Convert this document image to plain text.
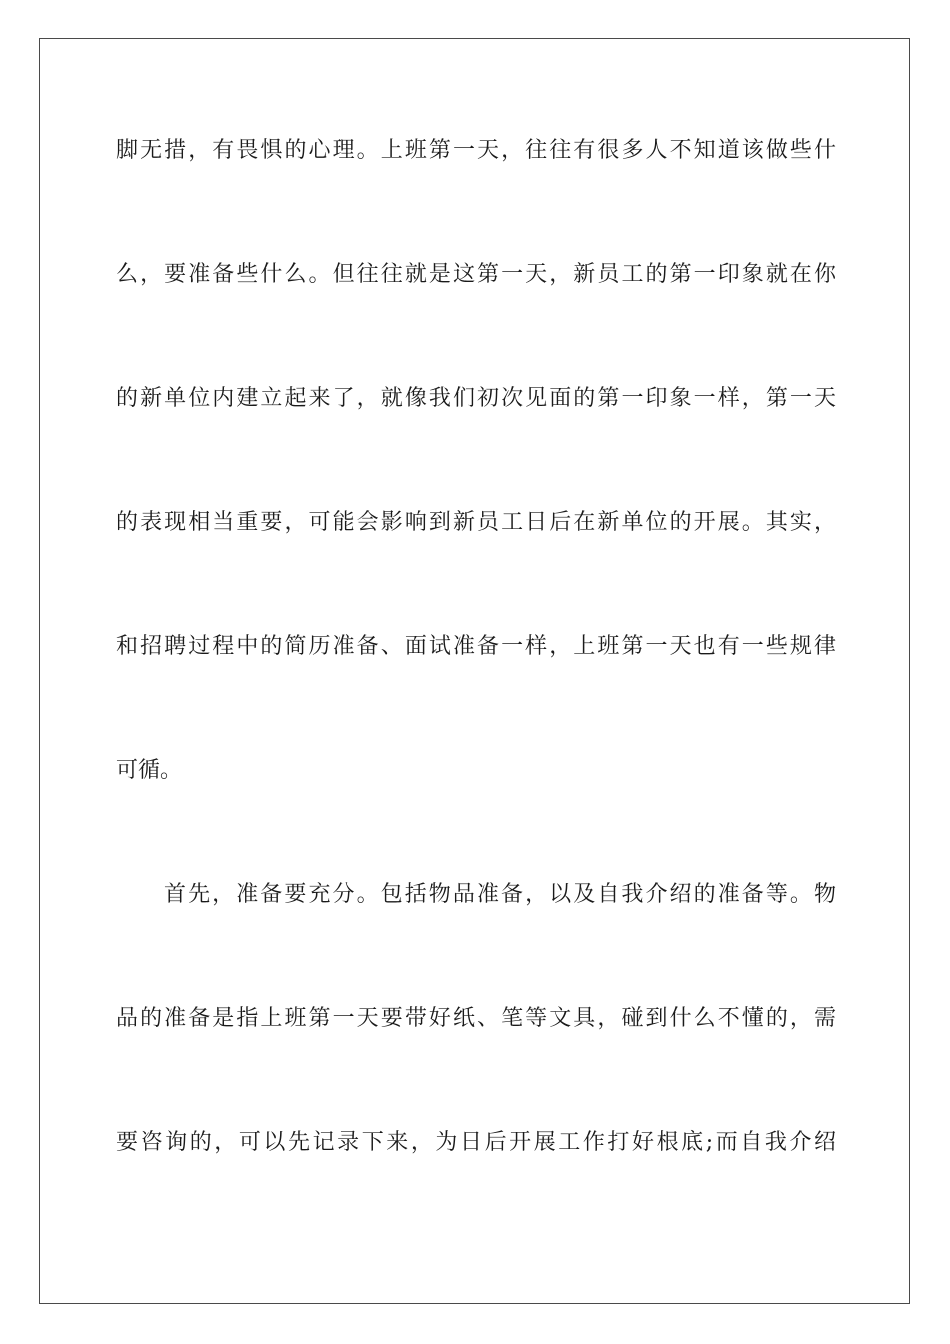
脚无措，有畏惧的心理。上班第一天，往往有很多人不知道该做些什
么，要准备些什么。但往往就是这第一天，新员工的第一印象就在你
的新单位内建立起来了，就像我们初次见面的第一印象一样，第一天
的表现相当重要，可能会影响到新员工日后在新单位的开展。其实，
和招聘过程中的简历准备、面试准备一样，上班第一天也有一些规律
可循。
首先，准备要充分。包括物品准备，以及自我介绍的准备等。物
品的准备是指上班第一天要带好纸、笔等文具，碰到什么不懂的，需
要咨询的，可以先记录下来，为日后开展工作打好根底;而自我介绍
